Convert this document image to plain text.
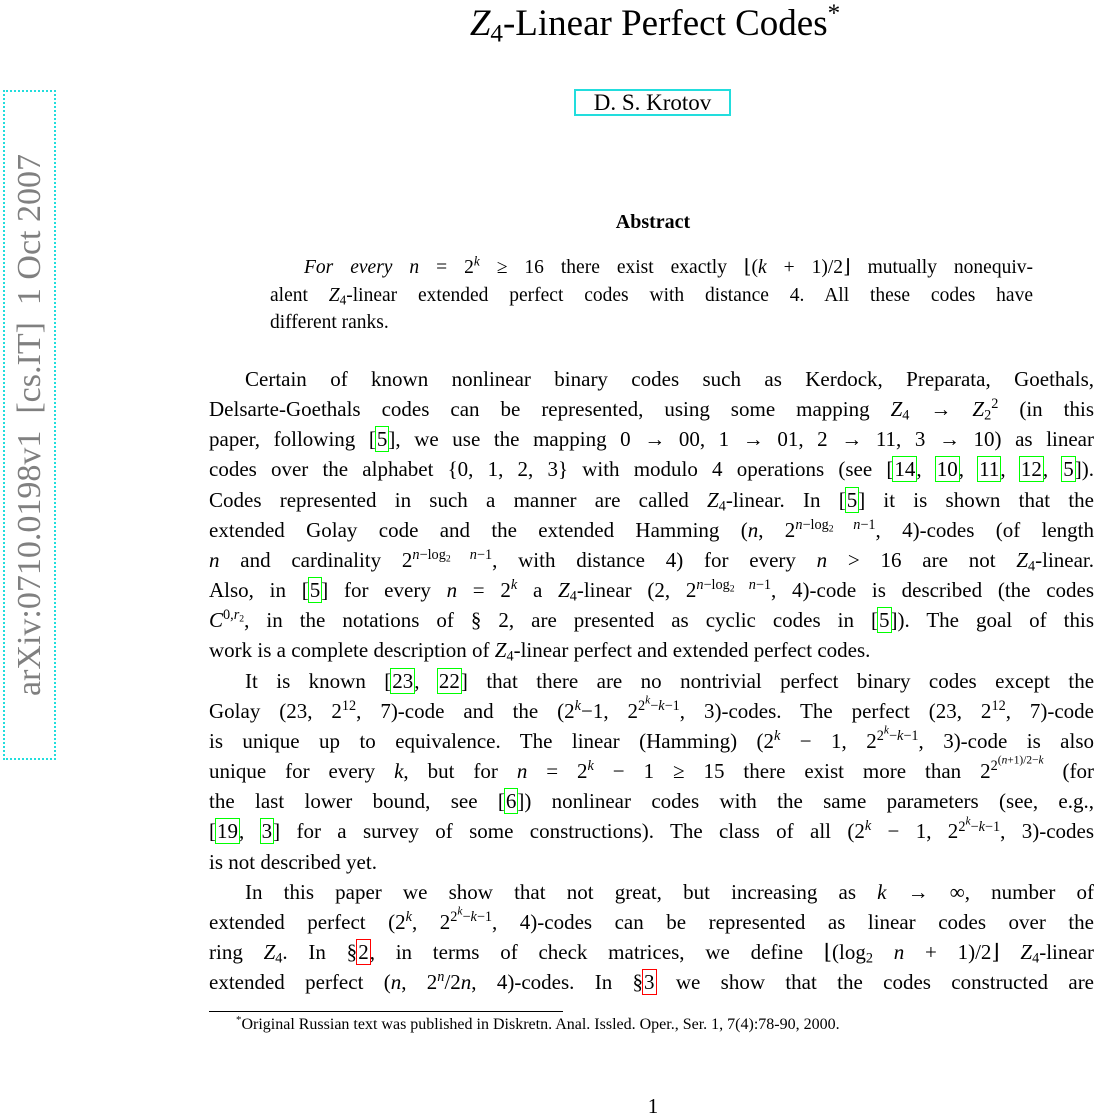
arXiv:0710.0198v1  [cs.IT]  1 Oct 2007
$Z_4$-Linear Perfect Codes*
D. S. Krotov
Abstract
For every $n = 2^k \ge 16$ there exist exactly ⌊(k + 1)/2⌋ mutually nonequiv-
alent $Z_4$-linear extended perfect codes with distance 4. All these codes have
different ranks.
Certain of known nonlinear binary codes such as Kerdock, Preparata, Goethals,
Delsarte-Goethals codes can be represented, using some mapping $Z_4 \to Z_2^2$ (in this
paper, following [5], we use the mapping 0 → 00, 1 → 01, 2 → 11, 3 → 10) as linear
codes over the alphabet {0, 1, 2, 3} with modulo 4 operations (see [14, 10, 11, 12, 5]).
Codes represented in such a manner are called $Z_4$-linear. In [5] it is shown that the
extended Golay code and the extended Hamming (n, $2^{n-log_2 n-1}$, 4)-codes (of length
n and cardinality $2^{n-log_2 n-1}$, with distance 4) for every n > 16 are not $Z_4$-linear.
Also, in [5] for every $n = 2^k$ a $Z_4$-linear (2, $2^{n-log_2 n-1}$, 4)-code is described (the codes
$C^{0,r_2}$, in the notations of § 2, are presented as cyclic codes in [5]). The goal of this
work is a complete description of $Z_4$-linear perfect and extended perfect codes.
It is known [23, 22] that there are no nontrivial perfect binary codes except the
Golay (23, $2^{12}$, 7)-code and the ($2^k-1$, $2^{2^k-k-1}$, 3)-codes. The perfect (23, $2^{12}$, 7)-code
is unique up to equivalence. The linear (Hamming) ($2^k - 1$, $2^{2^k-k-1}$, 3)-code is also
unique for every k, but for $n = 2^k - 1 \ge 15$ there exist more than $2^{2^{(n+1)/2-k}}$ (for
the last lower bound, see [6]) nonlinear codes with the same parameters (see, e.g.,
[19, 3] for a survey of some constructions). The class of all ($2^k - 1$, $2^{2^k-k-1}$, 3)-codes
is not described yet.
In this paper we show that not great, but increasing as k → ∞, number of
extended perfect (2$^k$, $2^{2^k-k-1}$, 4)-codes can be represented as linear codes over the
ring $Z_4$. In §2, in terms of check matrices, we define $⌊(\log_2$ n + 1)/2⌋ $Z_4$-linear
extended perfect (n, 2$^n$/2n, 4)-codes. In §3 we show that the codes constructed are
*Original Russian text was published in Diskretn. Anal. Issled. Oper., Ser. 1, 7(4):78-90, 2000.
1
